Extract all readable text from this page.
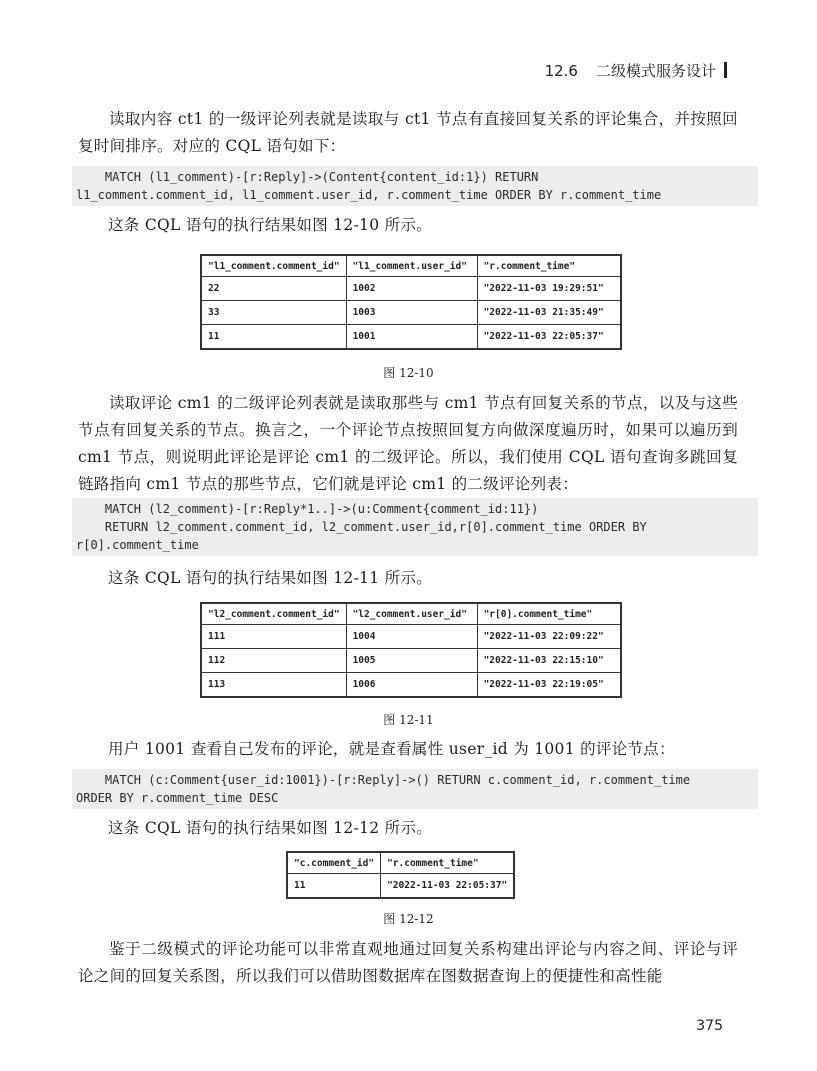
12.6 二级模式服务设计
读取内容 ct1 的一级评论列表就是读取与 ct1 节点有直接回复关系的评论集合，并按照回复时间排序。对应的 CQL 语句如下：
MATCH (l1_comment)-[r:Reply]->(Content{content_id:1}) RETURN
l1_comment.comment_id, l1_comment.user_id, r.comment_time ORDER BY r.comment_time
这条 CQL 语句的执行结果如图 12-10 所示。
"l1_comment.comment_id"	"l1_comment.user_id"	"r.comment_time"
22	1002	"2022-11-03 19:29:51"
33	1003	"2022-11-03 21:35:49"
11	1001	"2022-11-03 22:05:37"
图 12-10
读取评论 cm1 的二级评论列表就是读取那些与 cm1 节点有回复关系的节点，以及与这些节点有回复关系的节点。换言之，一个评论节点按照回复方向做深度遍历时，如果可以遍历到 cm1 节点，则说明此评论是评论 cm1 的二级评论。所以，我们使用 CQL 语句查询多跳回复链路指向 cm1 节点的那些节点，它们就是评论 cm1 的二级评论列表：
MATCH (l2_comment)-[r:Reply*1..]->(u:Comment{comment_id:11})
RETURN l2_comment.comment_id, l2_comment.user_id,r[0].comment_time ORDER BY
r[0].comment_time
这条 CQL 语句的执行结果如图 12-11 所示。
"l2_comment.comment_id"	"l2_comment.user_id"	"r[0].comment_time"
111	1004	"2022-11-03 22:09:22"
112	1005	"2022-11-03 22:15:10"
113	1006	"2022-11-03 22:19:05"
图 12-11
用户 1001 查看自己发布的评论，就是查看属性 user_id 为 1001 的评论节点：
MATCH (c:Comment{user_id:1001})-[r:Reply]->() RETURN c.comment_id, r.comment_time
ORDER BY r.comment_time DESC
这条 CQL 语句的执行结果如图 12-12 所示。
"c.comment_id"	"r.comment_time"
11	"2022-11-03 22:05:37"
图 12-12
鉴于二级模式的评论功能可以非常直观地通过回复关系构建出评论与内容之间、评论与评论之间的回复关系图，所以我们可以借助图数据库在图数据查询上的便捷性和高性能
375
